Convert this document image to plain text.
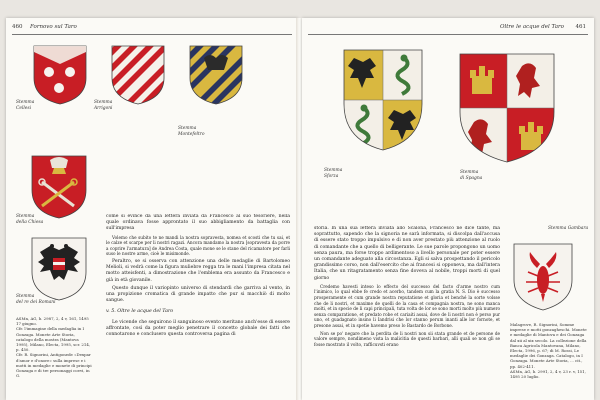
460 Fornovo sul Taro
Stemma
Cellesi
Stemma
Arrigoni
Stemma
Montefeltro
Stemma
della Chiesa
Stemma
del re dei Romani

ASMn, AG, b. 2987, 2, 4 v, 161, 1495 17 giugno.

Cfr. l'immagine della medaglia in I Gonzaga. Monete Arte Storia, catalogo della mostra (Mantova 1995), Milano, Electa, 1995, scr. 214, p. 450.

Cfr. R. Signorini, Antigonede «Dexpar d'amor e d'onore» sulla imprese e i motti in medaglie e monete di principi Gonzaga e di tre personaggi coevi, in G.

come si evince da una lettera inviata da Francesco al suo tesoriere, nella quale ordinava fosse approntato il suo abbigliamento da battaglia con sull'impresa

Volemo che subito te ne mandi la nostra sopravesta, nomea et scosti che tu sai, et le calze et scarpe per li nostri ragazi. Ancora mandamo la nostra [sopravesta da porre a coprire l'armatura] de Andrea Costa, quale mone se le stane del ricamatore per farli suso le nostre arme, cioè le misimonde.

Peraltro, se si osserva con attenzione una delle medaglie di Bartolomeo Melioli, si vedrà come la figura muliebre regga tra le mani l'impresa citata nel motto atteisfenti, a dimostrazione che l'emblema era assunto da Francesco e già in età giovanile.

Questo dunque il variopinto universo di stendardi che garriva al vento, in una propizione cromatica di grande impatto che pur si macchiò di molto sangue.

v. 5. Oltre le acque del Taro

Le vicende che seguirono il sanguinoso evento meritano anch'esse di essere affrontate, così da poter meglio penetrare il concetto globale dei fatti che connotarono e conclusero questa controversa pagina di

Oltre le acque del Taro 461
Stemma
Sforza
Stemma
di Spagna
Stemma Gambara

storia. In una sua lettera inviata allo Scalona, Francesco ne dice tante, ma soprattutto, sapendo che la signoria ne sarà informata, si discolpa dall'accusa di essere stato troppo impulsivo e di non aver prestato più attenzione al ruolo di comandante che a quello di belligerante. Le sue parole propongono un uomo senza paura, ma forse troppo ardimentoso a livello personale per poter essere un comandante adeguato alla circostanza. Egli si salva prospettando il pericolo grandissimo corso, non dall'esercito che ai francesi si opponeva, ma dall'intera Italia, che un ritagratamento senza fine doveva al nobile, troppi morti di quel giorno

Credemo havesti inteso lo effecto del successo del facto d'arme nostro cum l'inimico, lo qual ebbe fe credo et acerbo, tandem cum la gratia N. S. Dio è successo prosperamente et cum grande nostra reputatione et gloria et benché la sorte volsse che de li nostri, et maxime de quelli de la casa et compagnia nostra, ne sono manca molti, et in specie de li capi principali, tuta volta de lor se sono morti molto più numero senza comparatione, et predato robe et cariaiti assai, dove de li nostri non è perso pur uno, et guadagnato insino li Iandrisi che lor stanno perum inanti alle lor fornote, et presone assai, et in spetie havemo preso lo Bastardo de Borbone.

Non se po' negare che la perdita de li nostri non sii stata grande et de persone de valore sempre, nondimeno vista la malicitia de questi barbari, alli quali se non gli se fosse mostrato il volto, rafficuvsti erano

Malagrove, R. Signorini, Somme imprese e motti gonzagheschi. Monete e medaglie di Mantova e dei Gonzaga dal xii al xix secolo. La collezione della Banca Agricola Mantovana, Milano, Electa, 1996, p. 67; di M. Rossi, Le medaglie dei Gonzaga. Catalogo, in I Gonzaga. Monete Arte Storia, ... cit., pp. 402-411.

ASMn, AG, b. 2991, 2, 4 v, 23 r. v, 151, 1495 20 luglio.
